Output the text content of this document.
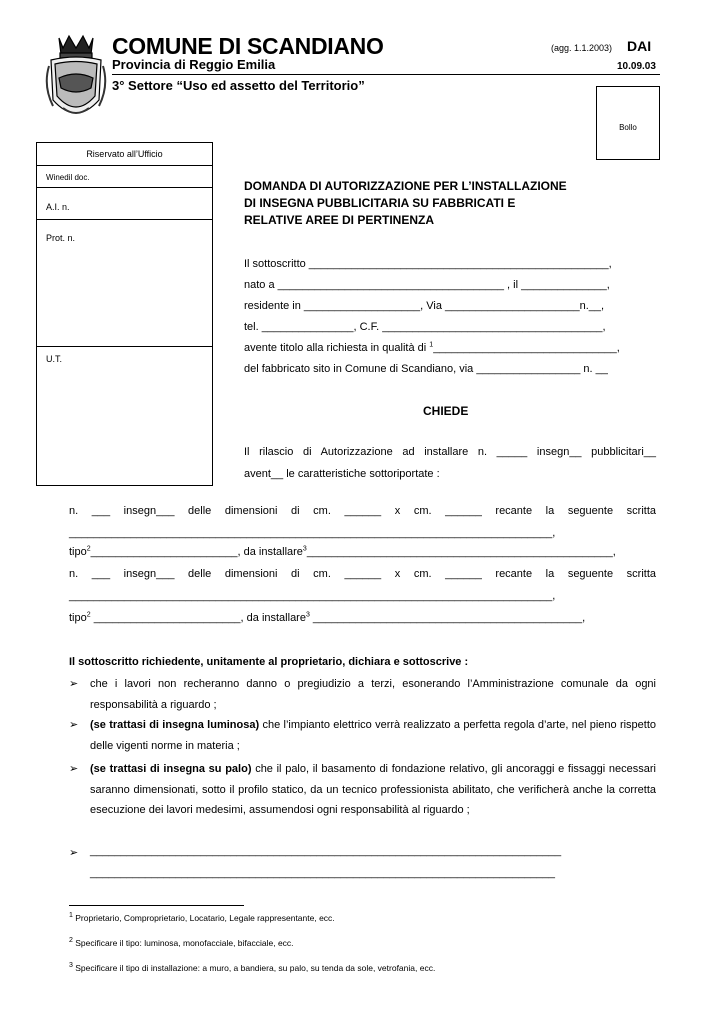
COMUNE DI SCANDIANO	(agg. 1.1.2003) DAI
Provincia di Reggio Emilia	10.09.03
3° Settore “Uso ed assetto del Territorio”
Bollo
Riservato all’Ufficio
Winedil doc.
A.I. n.
Prot. n.
U.T.
DOMANDA DI AUTORIZZAZIONE PER L’INSTALLAZIONE
DI INSEGNA PUBBLICITARIA SU FABBRICATI E
RELATIVE AREE DI PERTINENZA
Il sottoscritto _________________________________________________,
nato a _____________________________________ , il ______________,
residente in ___________________, Via ______________________n.__,
tel. _______________, C.F. ____________________________________,
avente titolo alla richiesta in qualità di $^1$______________________________,
del fabbricato sito in Comune di Scandiano, via _________________ n. __
CHIEDE
Il rilascio di Autorizzazione ad installare n. _____ insegn__ pubblicitari__
avent__ le caratteristiche sottoriportate :
n. ___ insegn___ delle dimensioni di cm. ______ x cm. ______ recante la seguente scritta
_______________________________________________________________________________,
tipo$^2$________________________, da installare$^3$__________________________________________________,
n. ___ insegn___ delle dimensioni di cm. ______ x cm. ______ recante la seguente scritta
_______________________________________________________________________________,
tipo$^2$ ________________________, da installare$^3$ ____________________________________________,
Il sottoscritto richiedente, unitamente al proprietario, dichiara e sottoscrive :
➢ che i lavori non recheranno danno o pregiudizio a terzi, esonerando l’Amministrazione comunale da ogni responsabilità a riguardo ;
➢ (se trattasi di insegna luminosa) che l’impianto elettrico verrà realizzato a perfetta regola d’arte, nel pieno rispetto delle vigenti norme in materia ;
➢ (se trattasi di insegna su palo) che il palo, il basamento di fondazione relativo, gli ancoraggi e fissaggi necessari saranno dimensionati, sotto il profilo statico, da un tecnico professionista abilitato, che verificherà anche la corretta esecuzione dei lavori medesimi, assumendosi ogni responsabilità al riguardo ;
➢ _____________________________________________________________________________
____________________________________________________________________________
$^1$ Proprietario, Comproprietario, Locatario, Legale rappresentante, ecc.
$^2$ Specificare il tipo: luminosa, monofacciale, bifacciale, ecc.
$^3$ Specificare il tipo di installazione: a muro, a bandiera, su palo, su tenda da sole, vetrofania, ecc.
